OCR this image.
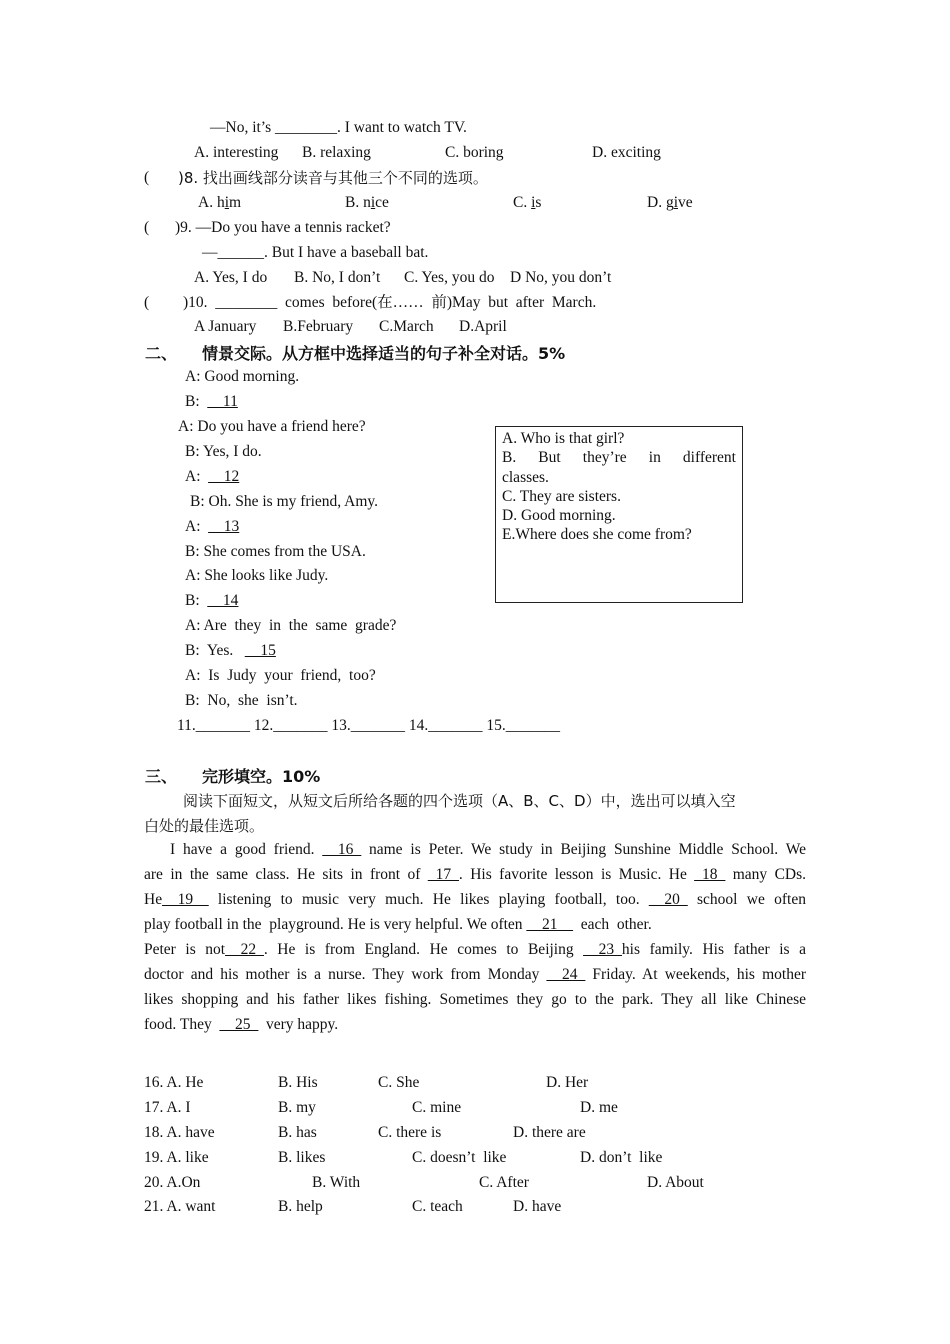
—No, it’s ________. I want to watch TV.
A. interesting B. relaxing	C. boring	D. exciting
( )8. 找出画线部分读音与其他三个不同的选项。
A. him	B. nice	C. is	D. give
( )9. —Do you have a tennis racket?
—______. But I have a baseball bat.
A. Yes, I do B. No, I don’t C. Yes, you do D No, you don’t
( )10.  ________  comes  before(在……  前)May  but  after  March.
A January B.February C.March D.April
二、 情景交际。从方框中选择适当的句子补全对话。5%
A: Good morning.
B:  __11
A: Do you have a friend here?
B: Yes, I do.
A:  __12
B: Oh. She is my friend, Amy.
A:  __13
B: She comes from the USA.
A: She looks like Judy.
B:  __14
A: Are  they  in  the  same  grade?
B:  Yes.   __15
A:  Is  Judy  your  friend,  too?
B:  No,  she  isn’t.
11._______ 12._______ 13._______ 14._______ 15._______
A. Who is that girl?
B. But they’re in different
classes.
C. They are sisters.
D. Good morning.
E.Where does she come from?
三、 完形填空。10%
阅读下面短文，从短文后所给各题的四个选项（A、B、C、D）中，选出可以填入空
白处的最佳选项。
I have a good friend. __16_ name is Peter. We study in Beijing Sunshine Middle School. We
are in the same class. He sits in front of _17_. His favorite lesson is Music. He _18_ many CDs.
He__19__ listening to music very much. He likes playing football, too. __20_ school we often
play football in the  playground. He is very helpful. We often __21__  each  other.
Peter is not__22_. He is from England. He comes to Beijing __23_his family. His father is a
doctor and his mother is a nurse. They work from Monday __24_ Friday. At weekends, his mother
likes shopping and his father likes fishing. Sometimes they go to the park. They all like Chinese
food. They  __25_  very happy.
16. A. He	B. His	C. She	D. Her
17. A. I	B. my	C. mine	D. me
18. A. have	B. has	C. there is	D. there are
19. A. like	B. likes	C. doesn’t  like	D. don’t  like
20. A.On	B. With	C. After	D. About
21. A. want	B. help	C. teach	D. have
